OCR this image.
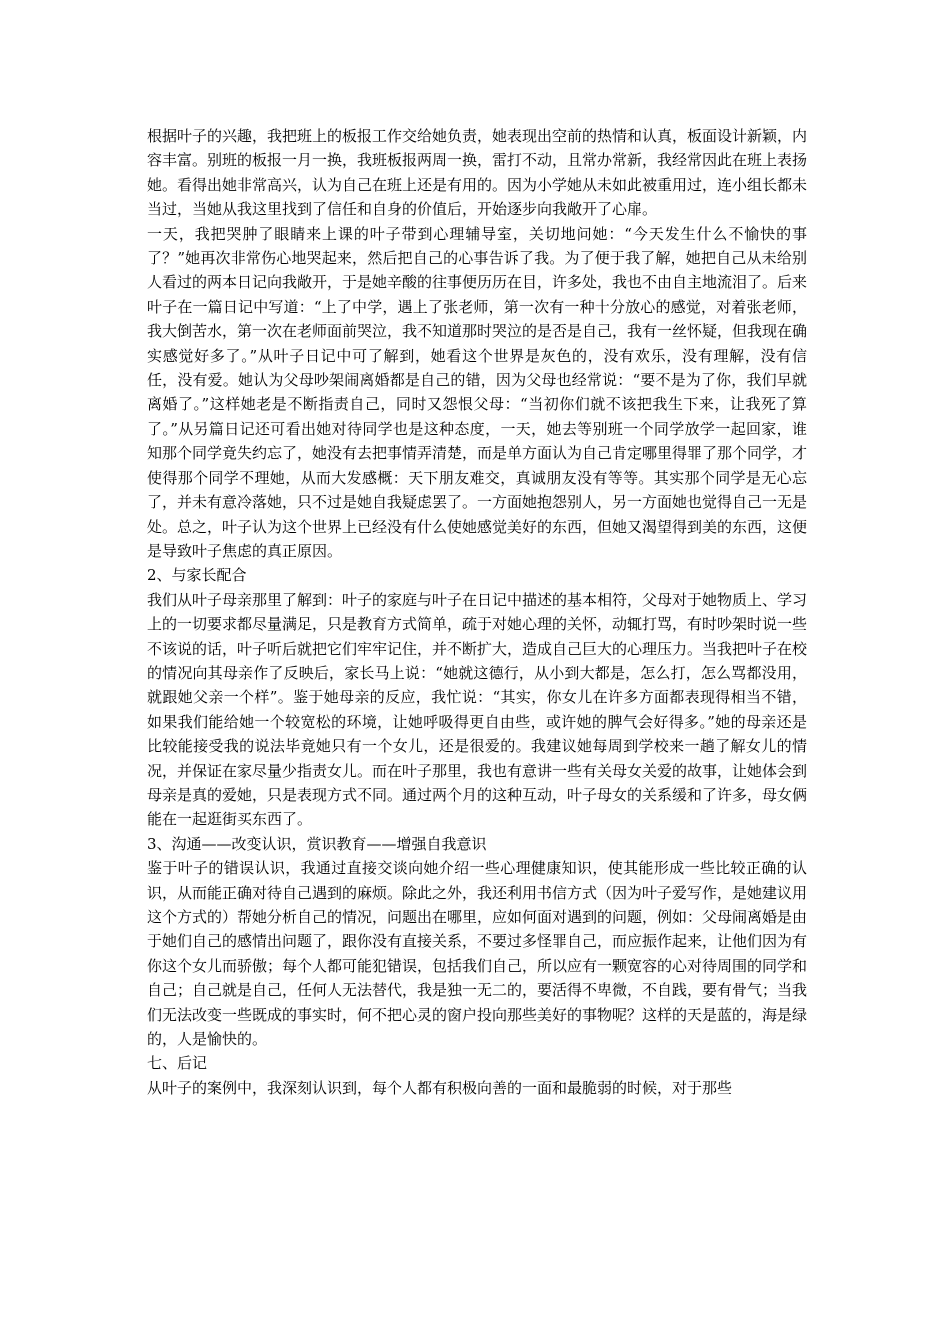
根据叶子的兴趣，我把班上的板报工作交给她负责，她表现出空前的热情和认真，板面设计新颖，内容丰富。别班的板报一月一换，我班板报两周一换，雷打不动，且常办常新，我经常因此在班上表扬她。看得出她非常高兴，认为自己在班上还是有用的。因为小学她从未如此被重用过，连小组长都未当过，当她从我这里找到了信任和自身的价值后，开始逐步向我敞开了心扉。

一天，我把哭肿了眼睛来上课的叶子带到心理辅导室，关切地问她：“今天发生什么不愉快的事了？”她再次非常伤心地哭起来，然后把自己的心事告诉了我。为了便于我了解，她把自己从未给别人看过的两本日记向我敞开，于是她辛酸的往事便历历在目，许多处，我也不由自主地流泪了。后来叶子在一篇日记中写道：“上了中学，遇上了张老师，第一次有一种十分放心的感觉，对着张老师，我大倒苦水，第一次在老师面前哭泣，我不知道那时哭泣的是否是自己，我有一丝怀疑，但我现在确实感觉好多了。”从叶子日记中可了解到，她看这个世界是灰色的，没有欢乐，没有理解，没有信任，没有爱。她认为父母吵架闹离婚都是自己的错，因为父母也经常说：“要不是为了你，我们早就离婚了。”这样她老是不断指责自己，同时又怨恨父母：“当初你们就不该把我生下来，让我死了算了。”从另篇日记还可看出她对待同学也是这种态度，一天，她去等别班一个同学放学一起回家，谁知那个同学竟失约忘了，她没有去把事情弄清楚，而是单方面认为自己肯定哪里得罪了那个同学，才使得那个同学不理她，从而大发感概：天下朋友难交，真诚朋友没有等等。其实那个同学是无心忘了，并未有意冷落她，只不过是她自我疑虑罢了。一方面她抱怨别人，另一方面她也觉得自己一无是处。总之，叶子认为这个世界上已经没有什么使她感觉美好的东西，但她又渴望得到美的东西，这便是导致叶子焦虑的真正原因。

2、与家长配合

我们从叶子母亲那里了解到：叶子的家庭与叶子在日记中描述的基本相符，父母对于她物质上、学习上的一切要求都尽量满足，只是教育方式简单，疏于对她心理的关怀，动辄打骂，有时吵架时说一些不该说的话，叶子听后就把它们牢牢记住，并不断扩大，造成自己巨大的心理压力。当我把叶子在校的情况向其母亲作了反映后，家长马上说：“她就这德行，从小到大都是，怎么打，怎么骂都没用，就跟她父亲一个样”。鉴于她母亲的反应，我忙说：“其实，你女儿在许多方面都表现得相当不错，如果我们能给她一个较宽松的环境，让她呼吸得更自由些，或许她的脾气会好得多。”她的母亲还是比较能接受我的说法毕竟她只有一个女儿，还是很爱的。我建议她每周到学校来一趟了解女儿的情况，并保证在家尽量少指责女儿。而在叶子那里，我也有意讲一些有关母女关爱的故事，让她体会到母亲是真的爱她，只是表现方式不同。通过两个月的这种互动，叶子母女的关系缓和了许多，母女俩能在一起逛街买东西了。

3、沟通——改变认识，赏识教育——增强自我意识

鉴于叶子的错误认识，我通过直接交谈向她介绍一些心理健康知识，使其能形成一些比较正确的认识，从而能正确对待自己遇到的麻烦。除此之外，我还利用书信方式（因为叶子爱写作，是她建议用这个方式的）帮她分析自己的情况，问题出在哪里，应如何面对遇到的问题，例如：父母闹离婚是由于她们自己的感情出问题了，跟你没有直接关系，不要过多怪罪自己，而应振作起来，让他们因为有你这个女儿而骄傲；每个人都可能犯错误，包括我们自己，所以应有一颗宽容的心对待周围的同学和自己；自己就是自己，任何人无法替代，我是独一无二的，要活得不卑微，不自践，要有骨气；当我们无法改变一些既成的事实时，何不把心灵的窗户投向那些美好的事物呢？这样的天是蓝的，海是绿的，人是愉快的。

七、后记

从叶子的案例中，我深刻认识到，每个人都有积极向善的一面和最脆弱的时候，对于那些
